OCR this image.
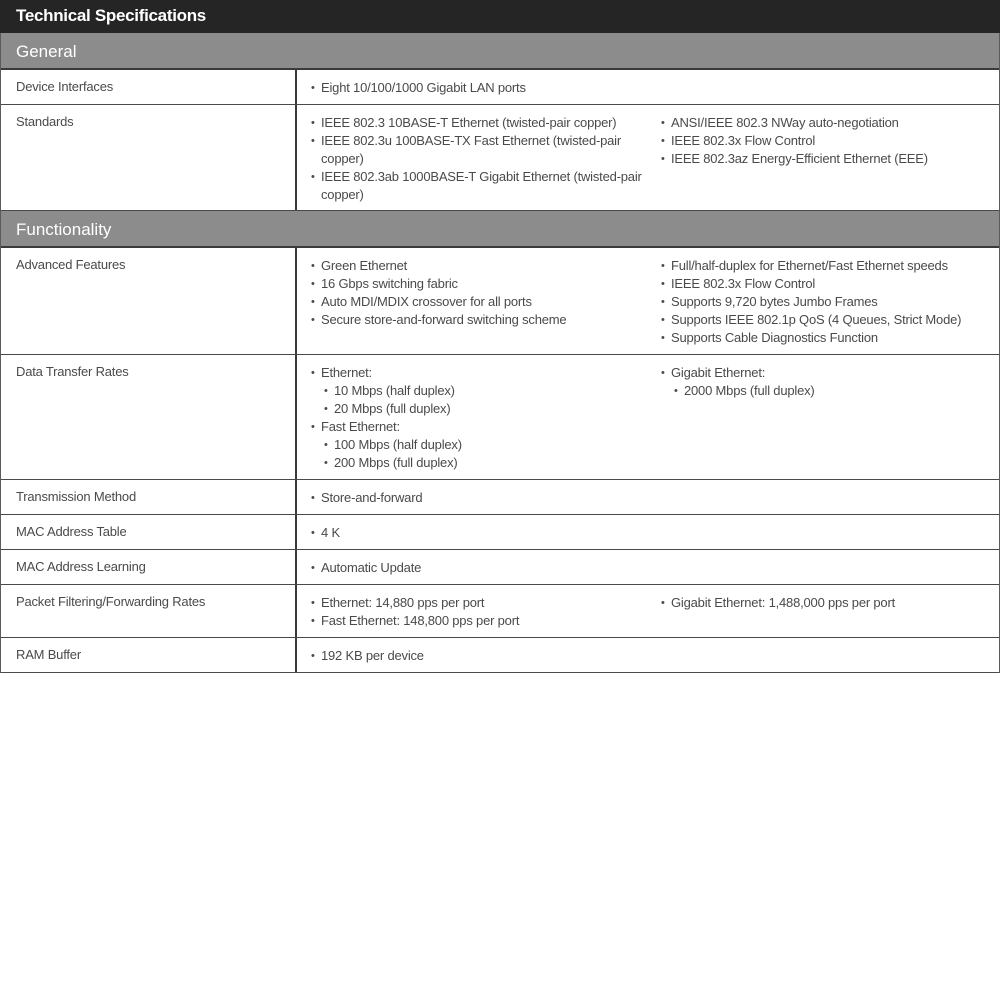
Technical Specifications
General
Device Interfaces	• Eight 10/100/1000 Gigabit LAN ports
Standards	• IEEE 802.3 10BASE-T Ethernet (twisted-pair copper)
• IEEE 802.3u 100BASE-TX Fast Ethernet (twisted-pair copper)
• IEEE 802.3ab 1000BASE-T Gigabit Ethernet (twisted-pair copper)
• ANSI/IEEE 802.3 NWay auto-negotiation
• IEEE 802.3x Flow Control
• IEEE 802.3az Energy-Efficient Ethernet (EEE)
Functionality
Advanced Features	• Green Ethernet
• 16 Gbps switching fabric
• Auto MDI/MDIX crossover for all ports
• Secure store-and-forward switching scheme
• Full/half-duplex for Ethernet/Fast Ethernet speeds
• IEEE 802.3x Flow Control
• Supports 9,720 bytes Jumbo Frames
• Supports IEEE 802.1p QoS (4 Queues, Strict Mode)
• Supports Cable Diagnostics Function
Data Transfer Rates	• Ethernet:
• 10 Mbps (half duplex)
• 20 Mbps (full duplex)
• Fast Ethernet:
• 100 Mbps (half duplex)
• 200 Mbps (full duplex)
• Gigabit Ethernet:
• 2000 Mbps (full duplex)
Transmission Method	• Store-and-forward
MAC Address Table	• 4 K
MAC Address Learning	• Automatic Update
Packet Filtering/Forwarding Rates	• Ethernet: 14,880 pps per port
• Fast Ethernet: 148,800 pps per port
• Gigabit Ethernet: 1,488,000 pps per port
RAM Buffer	• 192 KB per device
